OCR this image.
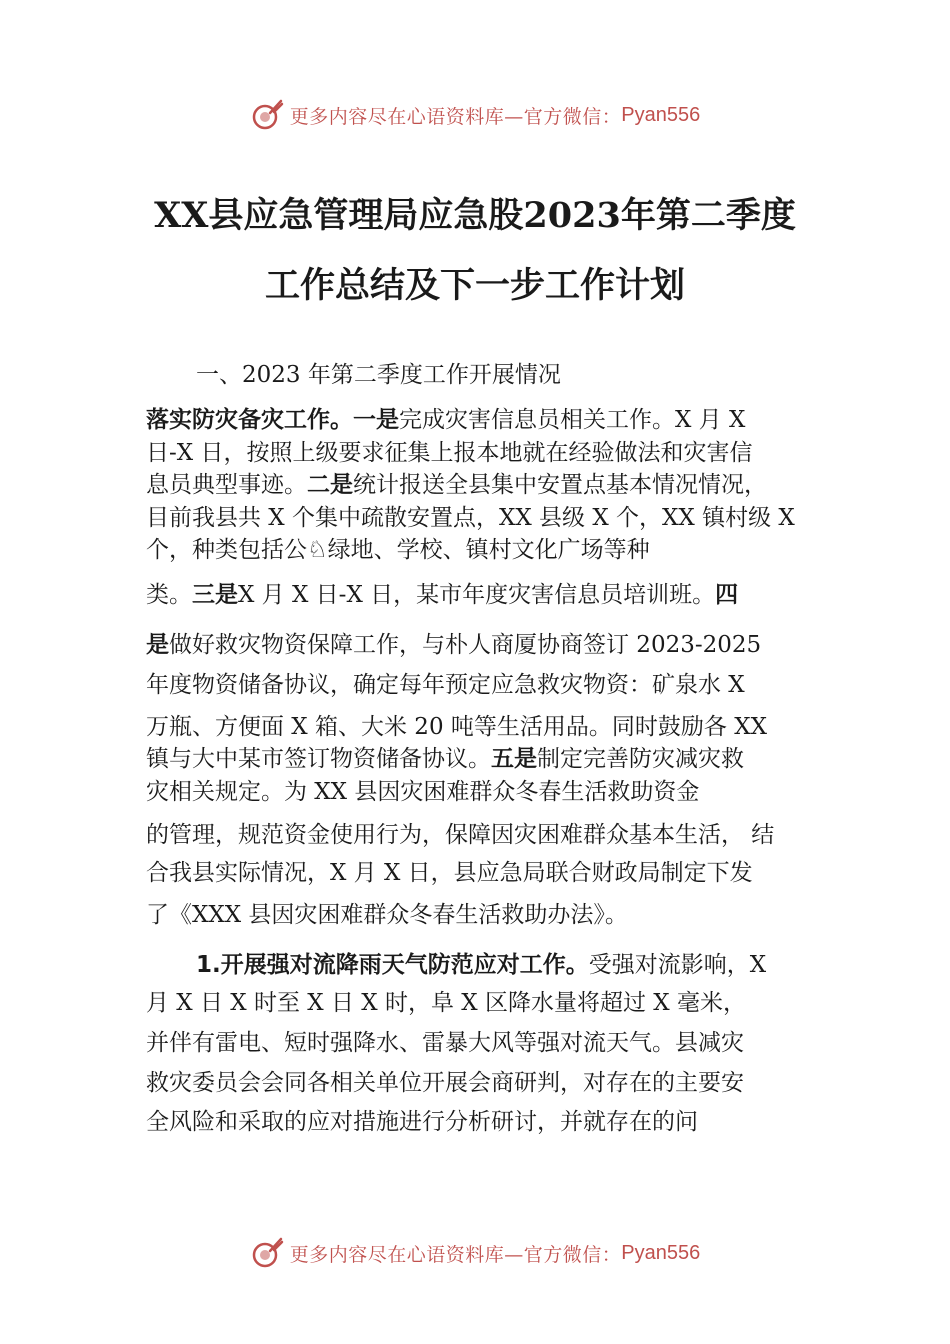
更多内容尽在心语资料库—官方微信： Pyan556
XX县应急管理局应急股2023年第二季度
工作总结及下一步工作计划
一、2023 年第二季度工作开展情况
落实防灾备灾工作。一是完成灾害信息员相关工作。X 月 X
日-X 日，按照上级要求征集上报本地就在经验做法和灾害信
息员典型事迹。二是统计报送全县集中安置点基本情况情况，
目前我县共 X 个集中疏散安置点，XX 县级 X 个，XX 镇村级 X
个，种类包括公♘绿地、学校、镇村文化广场等种
类。三是X 月 X 日-X 日，某市年度灾害信息员培训班。四
是做好救灾物资保障工作，与朴人商厦协商签订 2023-2025
年度物资储备协议，确定每年预定应急救灾物资：矿泉水 X
万瓶、方便面 X 箱、大米 20 吨等生活用品。同时鼓励各 XX
镇与大中某市签订物资储备协议。五是制定完善防灾减灾救
灾相关规定。为 XX 县因灾困难群众冬春生活救助资金
的管理，规范资金使用行为，保障因灾困难群众基本生活， 结
合我县实际情况，X 月 X 日，县应急局联合财政局制定下发
了《XXX 县因灾困难群众冬春生活救助办法》。
1.开展强对流降雨天气防范应对工作。受强对流影响，X
月 X 日 X 时至 X 日 X 时，阜 X 区降水量将超过 X 毫米，
并伴有雷电、短时强降水、雷暴大风等强对流天气。县减灾
救灾委员会会同各相关单位开展会商研判，对存在的主要安
全风险和采取的应对措施进行分析研讨，并就存在的问
更多内容尽在心语资料库—官方微信： Pyan556
